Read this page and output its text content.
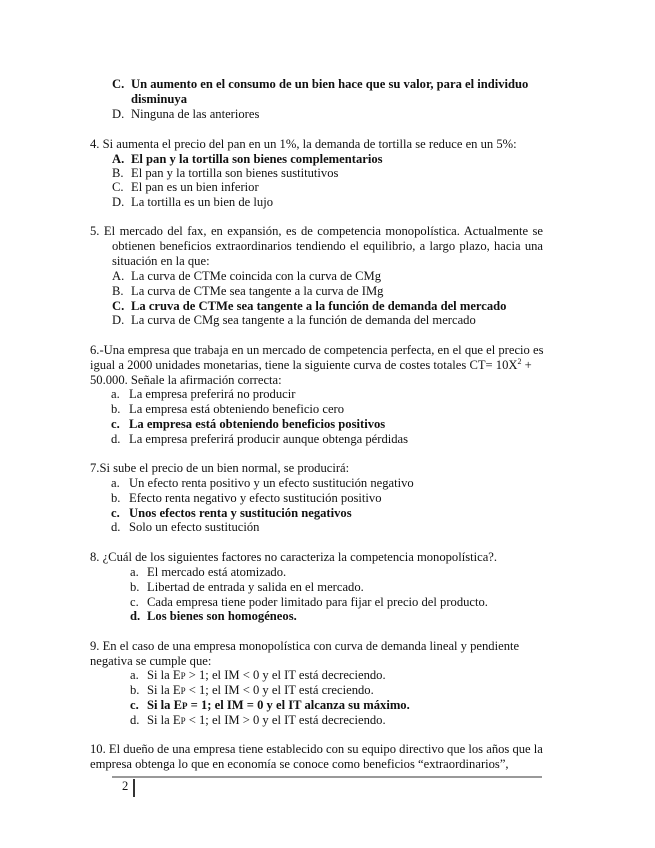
C. Un aumento en el consumo de un bien hace que su valor, para el individuo
disminuya
D. Ninguna de las anteriores
4. Si aumenta el precio del pan en un 1%, la demanda de tortilla se reduce en un 5%:
A. El pan y la tortilla son bienes complementarios
B. El pan y la tortilla son bienes sustitutivos
C. El pan es un bien inferior
D. La tortilla es un bien de lujo
5. El mercado del fax, en expansión, es de competencia monopolística. Actualmente se
obtienen beneficios extraordinarios tendiendo el equilibrio, a largo plazo, hacia una
situación en la que:
A. La curva de CTMe coincida con la curva de CMg
B. La curva de CTMe sea tangente a la curva de IMg
C. La cruva de CTMe sea tangente a la función de demanda del mercado
D. La curva de CMg sea tangente a la función de demanda del mercado
6.-Una empresa que trabaja en un mercado de competencia perfecta, en el que el precio es
igual a 2000 unidades monetarias, tiene la siguiente curva de costes totales $CT= 10X^2$ +
50.000. Señale la afirmación correcta:
a. La empresa preferirá no producir
b. La empresa está obteniendo beneficio cero
c. La empresa está obteniendo beneficios positivos
d. La empresa preferirá producir aunque obtenga pérdidas
7.Si sube el precio de un bien normal, se producirá:
a. Un efecto renta positivo y un efecto sustitución negativo
b. Efecto renta negativo y efecto sustitución positivo
c. Unos efectos renta y sustitución negativos
d. Solo un efecto sustitución
8. ¿Cuál de los siguientes factores no caracteriza la competencia monopolística?.
a. El mercado está atomizado.
b. Libertad de entrada y salida en el mercado.
c. Cada empresa tiene poder limitado para fijar el precio del producto.
d. Los bienes son homogéneos.
9. En el caso de una empresa monopolística con curva de demanda lineal y pendiente
negativa se cumple que:
a. Si la EP > 1; el IM < 0 y el IT está decreciendo.
b. Si la EP < 1; el IM < 0 y el IT está creciendo.
c. Si la EP = 1; el IM = 0 y el IT alcanza su máximo.
d. Si la EP < 1; el IM > 0 y el IT está decreciendo.
10. El dueño de una empresa tiene establecido con su equipo directivo que los años que la
empresa obtenga lo que en economía se conoce como beneficios “extraordinarios”,
2
